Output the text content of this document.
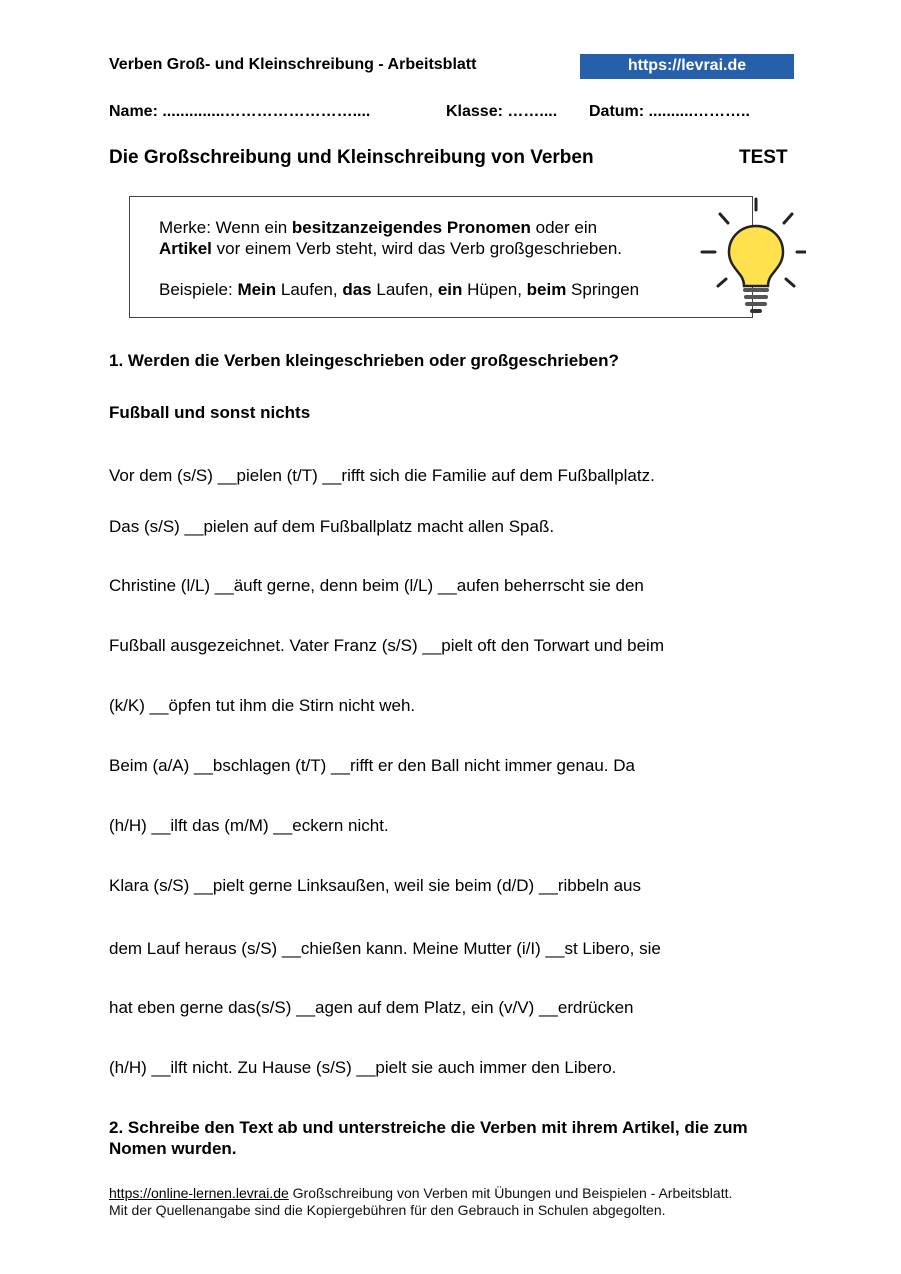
Verben Groß- und Kleinschreibung - Arbeitsblatt	https://levrai.de
Name: ..............……………………....	Klasse: …….... Datum: ..........………..
Die Großschreibung und Kleinschreibung von Verben	TEST
Merke: Wenn ein besitzanzeigendes Pronomen oder ein
Artikel vor einem Verb steht, wird das Verb großgeschrieben.
Beispiele: Mein Laufen, das Laufen, ein Hüpen, beim Springen
1. Werden die Verben kleingeschrieben oder großgeschrieben?
Fußball und sonst nichts
Vor dem (s/S) __pielen (t/T) __rifft sich die Familie auf dem Fußballplatz.
Das (s/S) __pielen auf dem Fußballplatz macht allen Spaß.
Christine (l/L) __äuft gerne, denn beim (l/L) __aufen beherrscht sie den
Fußball ausgezeichnet. Vater Franz (s/S) __pielt oft den Torwart und beim
(k/K) __öpfen tut ihm die Stirn nicht weh.
Beim (a/A) __bschlagen (t/T) __rifft er den Ball nicht immer genau. Da
(h/H) __ilft das (m/M) __eckern nicht.
Klara (s/S) __pielt gerne Linksaußen, weil sie beim (d/D) __ribbeln aus
dem Lauf heraus (s/S) __chießen kann. Meine Mutter (i/I) __st Libero, sie
hat eben gerne das(s/S) __agen auf dem Platz, ein (v/V) __erdrücken
(h/H) __ilft nicht. Zu Hause (s/S) __pielt sie auch immer den Libero.
2. Schreibe den Text ab und unterstreiche die Verben mit ihrem Artikel, die zum
Nomen wurden.
https://online-lernen.levrai.de Großschreibung von Verben mit Übungen und Beispielen - Arbeitsblatt.
Mit der Quellenangabe sind die Kopiergebühren für den Gebrauch in Schulen abgegolten.
